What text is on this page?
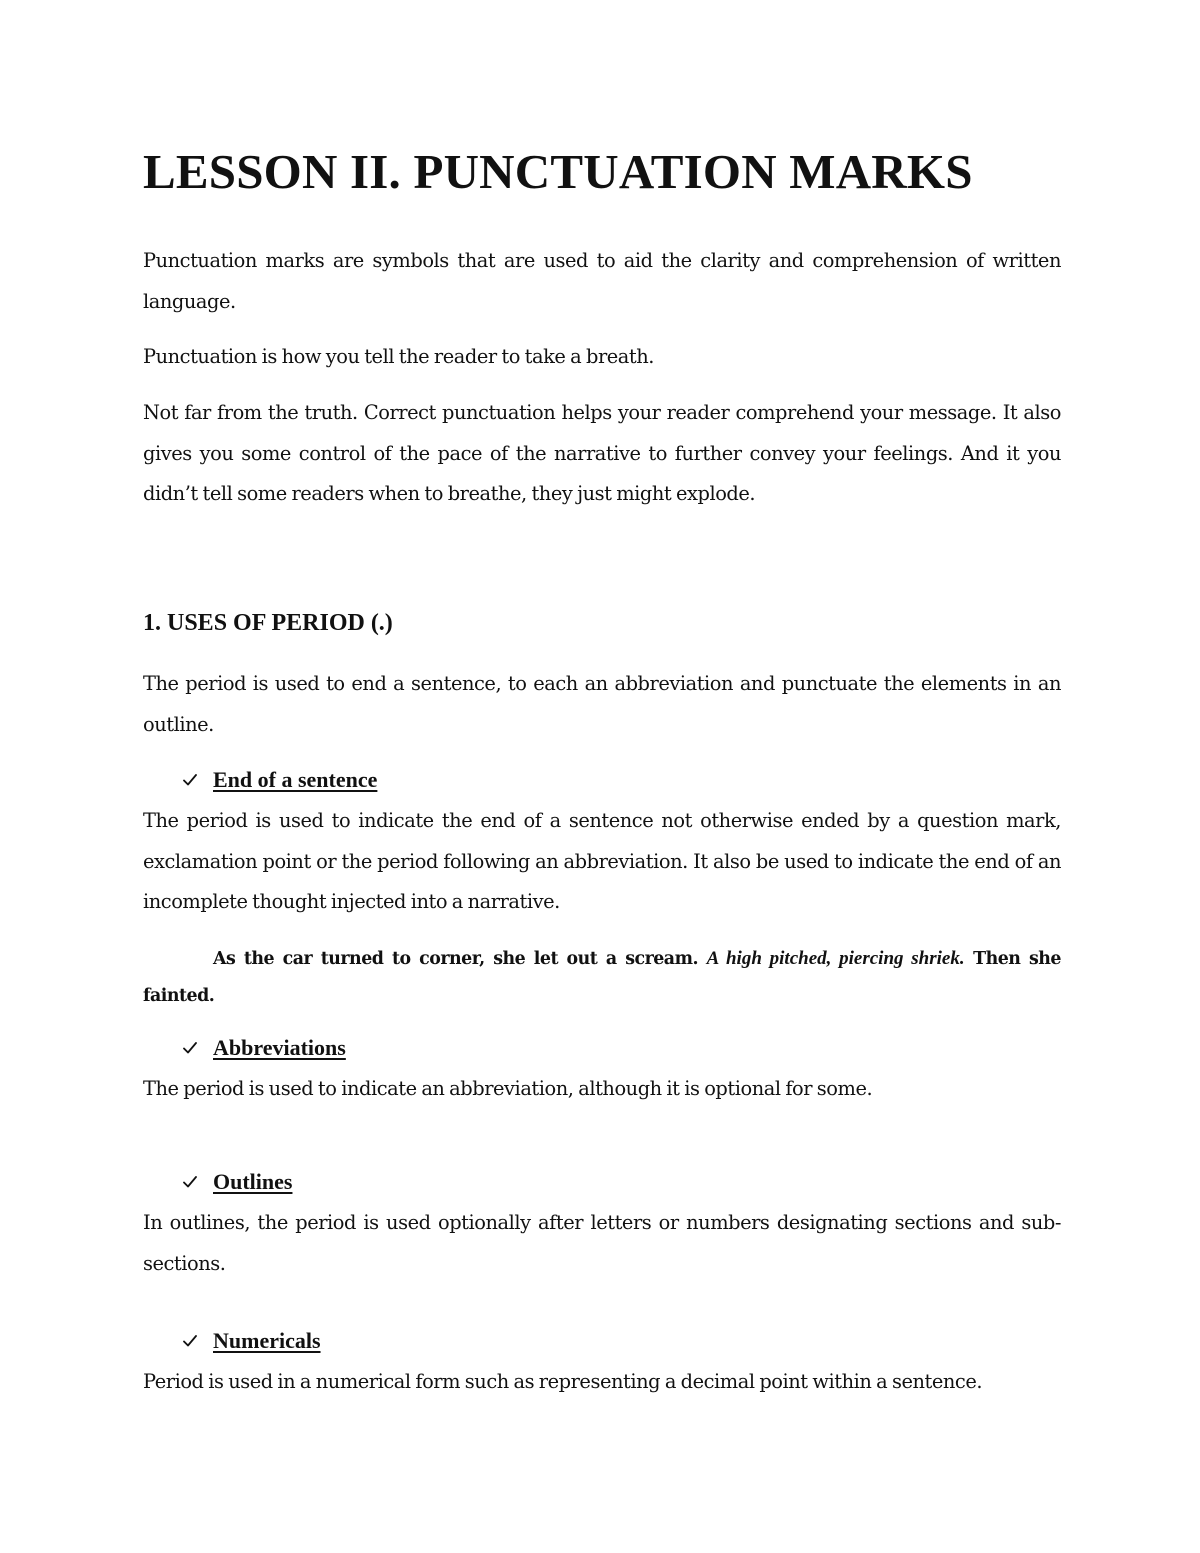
LESSON II. PUNCTUATION MARKS

Punctuation marks are symbols that are used to aid the clarity and comprehension of written language.

Punctuation is how you tell the reader to take a breath.

Not far from the truth. Correct punctuation helps your reader comprehend your message. It also gives you some control of the pace of the narrative to further convey your feelings. And it you didn’t tell some readers when to breathe, they just might explode.

1. USES OF PERIOD (.)

The period is used to end a sentence, to each an abbreviation and punctuate the elements in an outline.

End of a sentence

The period is used to indicate the end of a sentence not otherwise ended by a question mark, exclamation point or the period following an abbreviation. It also be used to indicate the end of an incomplete thought injected into a narrative.

As the car turned to corner, she let out a scream. A high pitched, piercing shriek. Then she fainted.

Abbreviations

The period is used to indicate an abbreviation, although it is optional for some.

Outlines

In outlines, the period is used optionally after letters or numbers designating sections and sub-sections.

Numericals

Period is used in a numerical form such as representing a decimal point within a sentence.
